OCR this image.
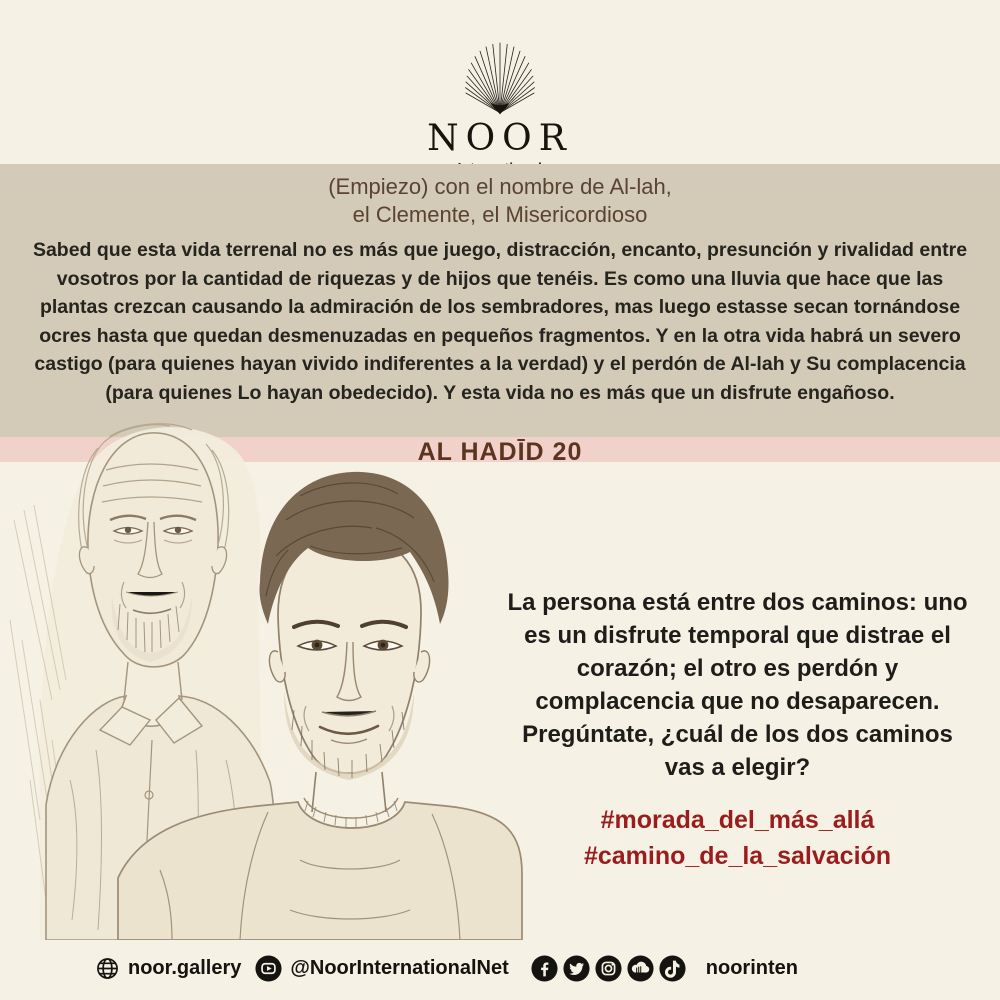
NOOR
(Empiezo) con el nombre de Al-lah,
el Clemente, el Misericordioso
Sabed que esta vida terrenal no es más que juego, distracción, encanto, presunción y rivalidad entre vosotros por la cantidad de riquezas y de hijos que tenéis. Es como una lluvia que hace que las plantas crezcan causando la admiración de los sembradores, mas luego estasse secan tornándose ocres hasta que quedan desmenuzadas en pequeños fragmentos. Y en la otra vida habrá un severo castigo (para quienes hayan vivido indiferentes a la verdad) y el perdón de Al-lah y Su complacencia (para quienes Lo hayan obedecido). Y esta vida no es más que un disfrute engañoso.
AL HADĪD 20
La persona está entre dos caminos: uno es un disfrute temporal que distrae el corazón; el otro es perdón y complacencia que no desaparecen. Pregúntate, ¿cuál de los dos caminos vas a elegir?
#morada_del_más_allá
#camino_de_la_salvación
noor.gallery @NoorInternationalNet	noorinten
